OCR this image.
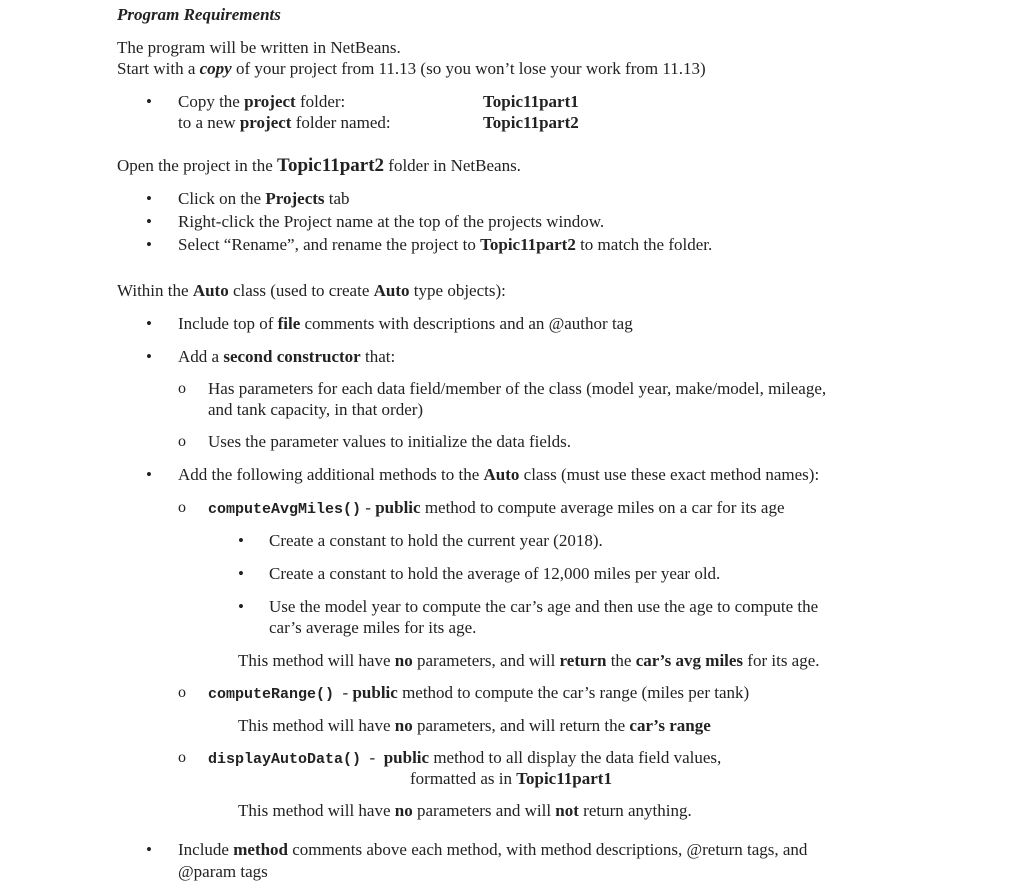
Program Requirements
The program will be written in NetBeans.
Start with a copy of your project from 11.13 (so you won’t lose your work from 11.13)
• Copy the project folder:	Topic11part1
to a new project folder named:	Topic11part2
Open the project in the Topic11part2 folder in NetBeans.
• Click on the Projects tab
• Right-click the Project name at the top of the projects window.
• Select “Rename”, and rename the project to Topic11part2 to match the folder.
Within the Auto class (used to create Auto type objects):
• Include top of file comments with descriptions and an @author tag
• Add a second constructor that:
o Has parameters for each data field/member of the class (model year, make/model, mileage,
and tank capacity, in that order)
o Uses the parameter values to initialize the data fields.
• Add the following additional methods to the Auto class (must use these exact method names):
o computeAvgMiles() - public method to compute average miles on a car for its age
• Create a constant to hold the current year (2018).
• Create a constant to hold the average of 12,000 miles per year old.
• Use the model year to compute the car’s age and then use the age to compute the
car’s average miles for its age.
This method will have no parameters, and will return the car’s avg miles for its age.
o computeRange()  - public method to compute the car’s range (miles per tank)
This method will have no parameters, and will return the car’s range
o displayAutoData()  -  public method to all display the data field values,
formatted as in Topic11part1
This method will have no parameters and will not return anything.
• Include method comments above each method, with method descriptions, @return tags, and
@param tags
